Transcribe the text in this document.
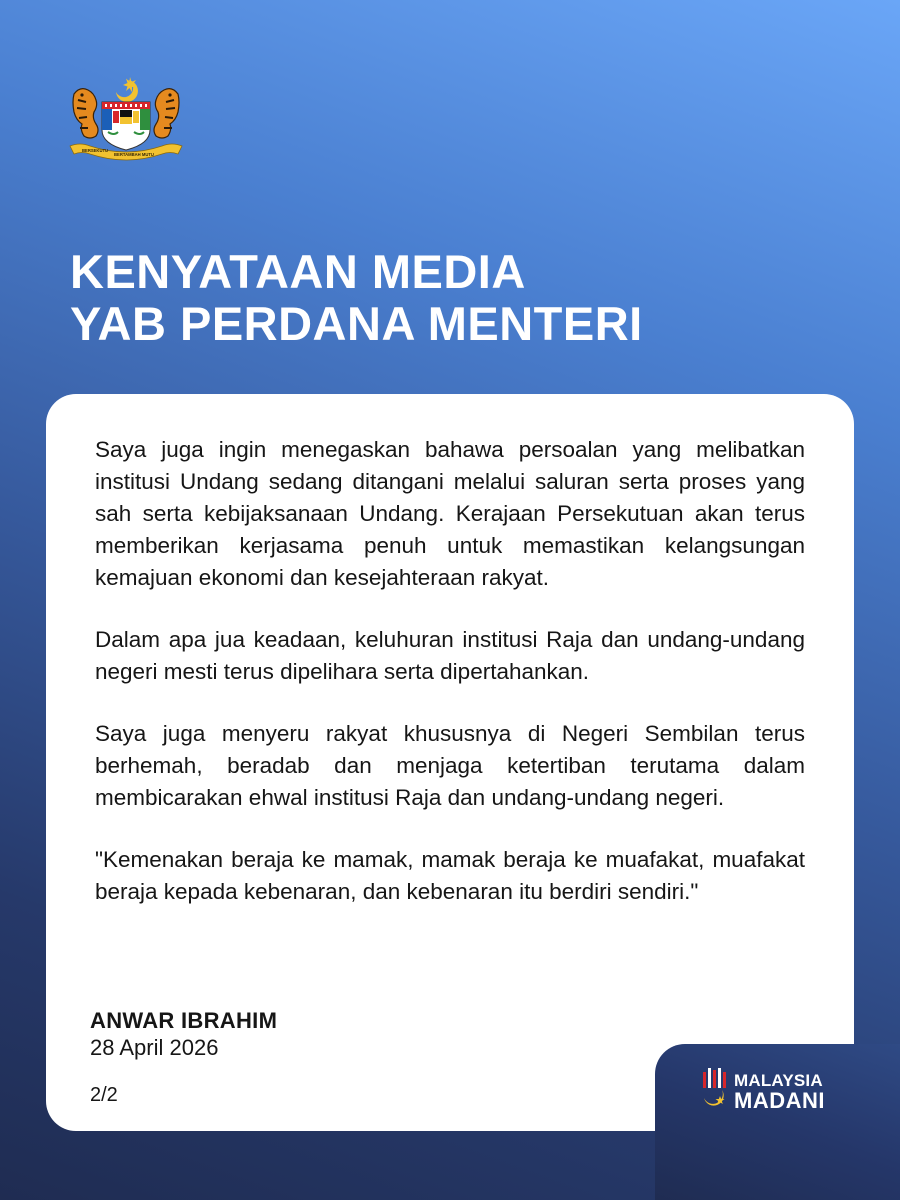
BERSEKUTU
BERTAMBAH MUTU
KENYATAAN MEDIA
YAB PERDANA MENTERI

Saya juga ingin menegaskan bahawa persoalan yang melibatkan institusi Undang sedang ditangani melalui saluran serta proses yang sah serta kebijaksanaan Undang. Kerajaan Persekutuan akan terus memberikan kerjasama penuh untuk memastikan kelangsungan kemajuan ekonomi dan kesejahteraan rakyat.

Dalam apa jua keadaan, keluhuran institusi Raja dan undang-undang negeri mesti terus dipelihara serta dipertahankan.

Saya juga menyeru rakyat khususnya di Negeri Sembilan terus berhemah, beradab dan menjaga ketertiban terutama dalam membicarakan ehwal institusi Raja dan undang-undang negeri.

"Kemenakan beraja ke mamak, mamak beraja ke muafakat, muafakat beraja kepada kebenaran, dan kebenaran itu berdiri sendiri."

ANWAR IBRAHIM
28 April 2026
2/2
MALAYSIA
MADANI
